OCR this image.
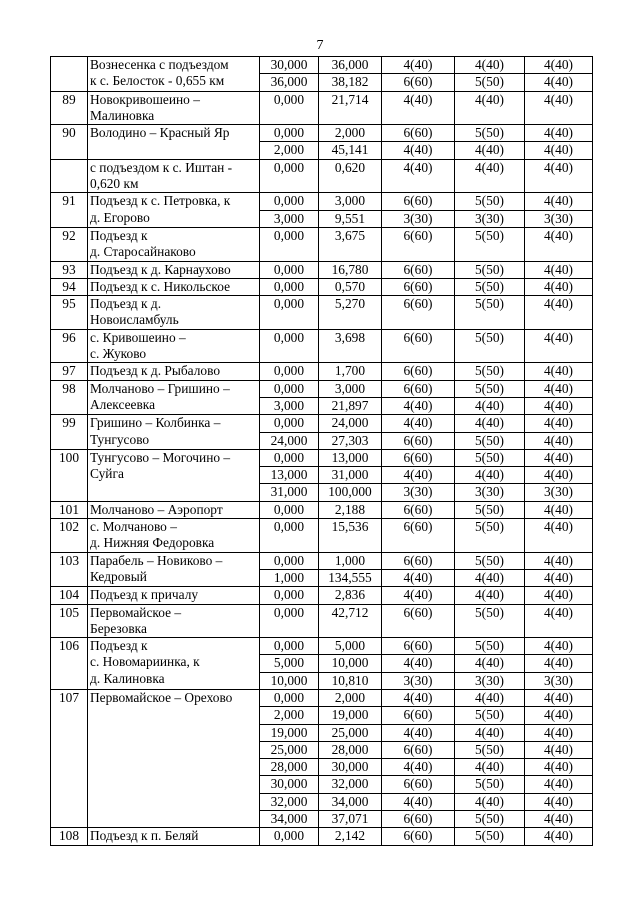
7
	Вознесенка с подъездом
к с. Белосток - 0,655 км	30,000	36,000	4(40)	4(40)	4(40)
		36,000	38,182	6(60)	5(50)	4(40)
89	Новокривошеино –
Малиновка	0,000	21,714	4(40)	4(40)	4(40)
90	Володино – Красный Яр	0,000	2,000	6(60)	5(50)	4(40)
		2,000	45,141	4(40)	4(40)	4(40)
	с подъездом к с. Иштан -
0,620 км	0,000	0,620	4(40)	4(40)	4(40)
91	Подъезд к с. Петровка, к
д. Егорово	0,000	3,000	6(60)	5(50)	4(40)
		3,000	9,551	3(30)	3(30)	3(30)
92	Подъезд к
д. Старосайнаково	0,000	3,675	6(60)	5(50)	4(40)
93	Подъезд к д. Карнаухово	0,000	16,780	6(60)	5(50)	4(40)
94	Подъезд к с. Никольское	0,000	0,570	6(60)	5(50)	4(40)
95	Подъезд к д.
Новоисламбуль	0,000	5,270	6(60)	5(50)	4(40)
96	с. Кривошеино –
с. Жуково	0,000	3,698	6(60)	5(50)	4(40)
97	Подъезд к д. Рыбалово	0,000	1,700	6(60)	5(50)	4(40)
98	Молчаново – Гришино –
Алексеевка	0,000	3,000	6(60)	5(50)	4(40)
		3,000	21,897	4(40)	4(40)	4(40)
99	Гришино – Колбинка –
Тунгусово	0,000	24,000	4(40)	4(40)	4(40)
		24,000	27,303	6(60)	5(50)	4(40)
100	Тунгусово – Могочино –
Суйга	0,000	13,000	6(60)	5(50)	4(40)
		13,000	31,000	4(40)	4(40)	4(40)
		31,000	100,000	3(30)	3(30)	3(30)
101	Молчаново – Аэропорт	0,000	2,188	6(60)	5(50)	4(40)
102	с. Молчаново –
д. Нижняя Федоровка	0,000	15,536	6(60)	5(50)	4(40)
103	Парабель – Новиково –
Кедровый	0,000	1,000	6(60)	5(50)	4(40)
		1,000	134,555	4(40)	4(40)	4(40)
104	Подъезд к причалу	0,000	2,836	4(40)	4(40)	4(40)
105	Первомайское –
Березовка	0,000	42,712	6(60)	5(50)	4(40)
106	Подъезд к
с. Новомариинка, к
д. Калиновка	0,000	5,000	6(60)	5(50)	4(40)
		5,000	10,000	4(40)	4(40)	4(40)
		10,000	10,810	3(30)	3(30)	3(30)
107	Первомайское – Орехово	0,000	2,000	4(40)	4(40)	4(40)
		2,000	19,000	6(60)	5(50)	4(40)
		19,000	25,000	4(40)	4(40)	4(40)
		25,000	28,000	6(60)	5(50)	4(40)
		28,000	30,000	4(40)	4(40)	4(40)
		30,000	32,000	6(60)	5(50)	4(40)
		32,000	34,000	4(40)	4(40)	4(40)
		34,000	37,071	6(60)	5(50)	4(40)
108	Подъезд к п. Беляй	0,000	2,142	6(60)	5(50)	4(40)
